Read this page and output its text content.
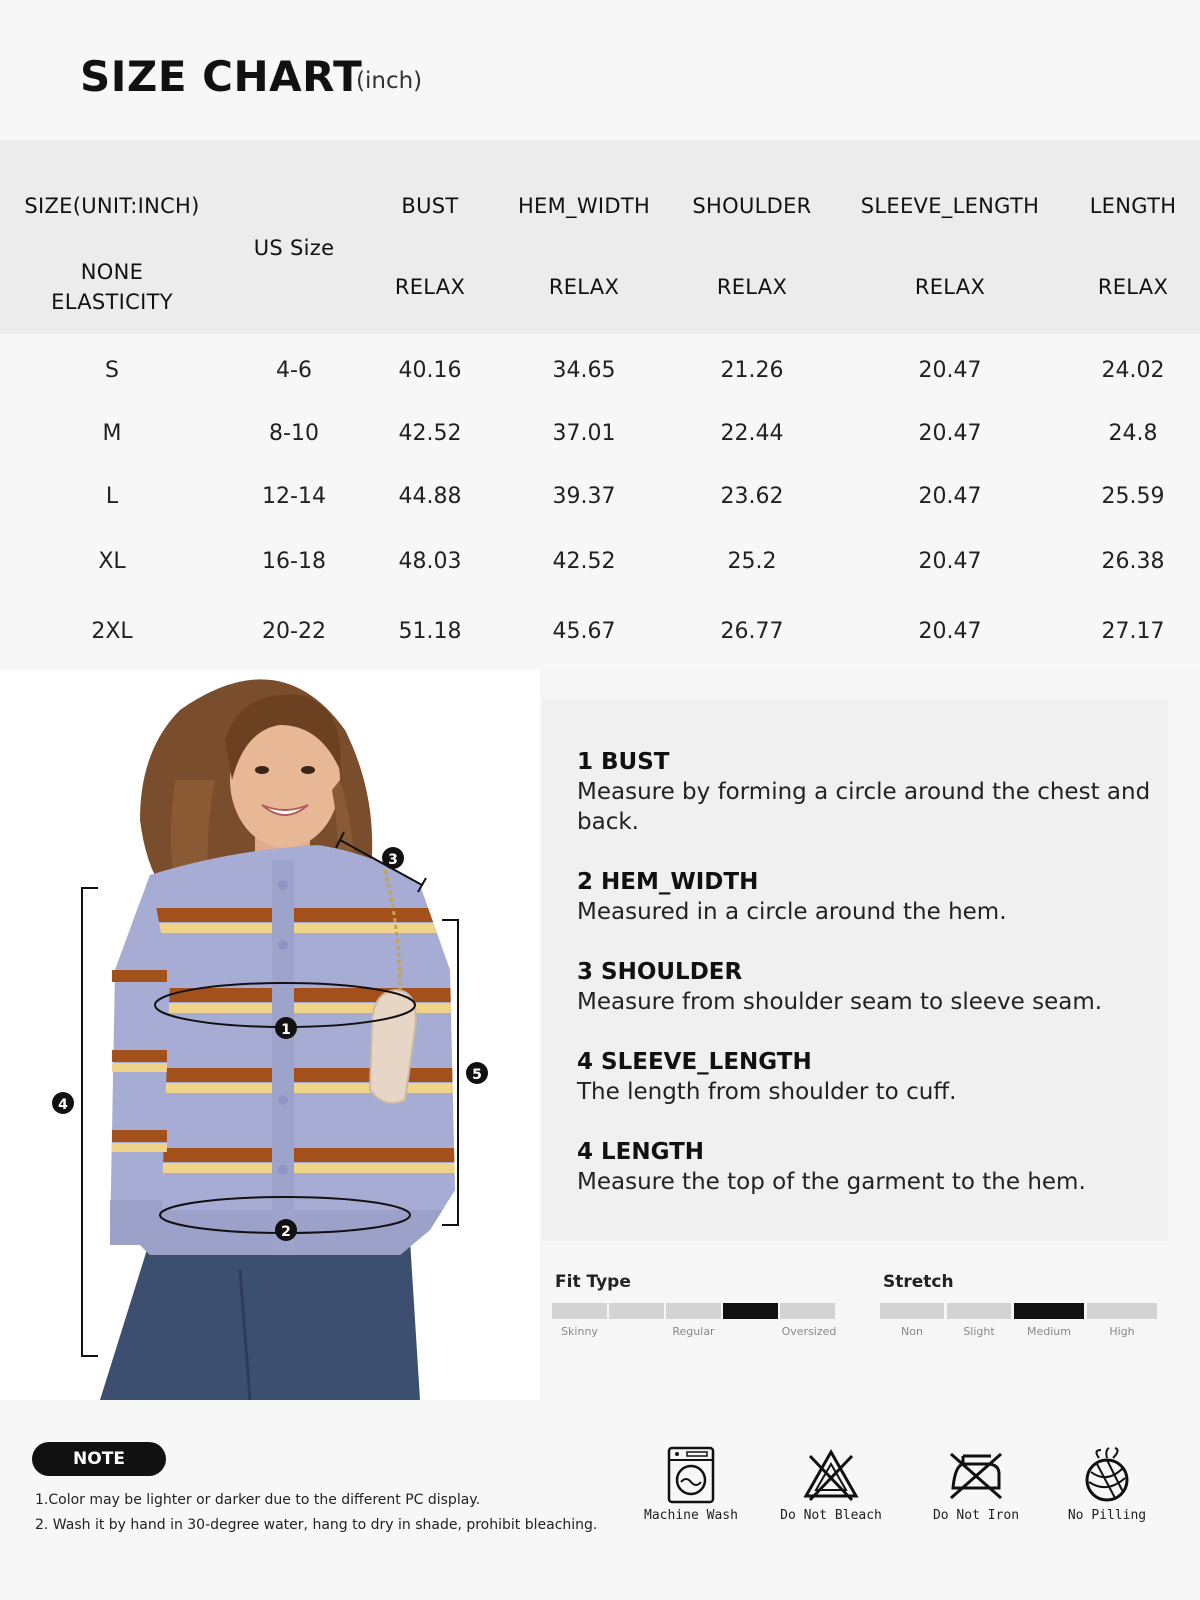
SIZE CHART
(inch)
SIZE(UNIT:INCH)
US Size
BUST	HEM_WIDTH	SHOULDER	SLEEVE_LENGTH	LENGTH
NONE
ELASTICITY
RELAX	RELAX	RELAX	RELAX	RELAX
S	4-6	40.16	34.65	21.26	20.47	24.02
M	8-10	42.52	37.01	22.44	20.47	24.8
L	12-14	44.88	39.37	23.62	20.47	25.59
XL	16-18	48.03	42.52	25.2	20.47	26.38
2XL	20-22	51.18	45.67	26.77	20.47	27.17
1
2
3
4
5
1 BUST
Measure by forming a circle around the chest and back.
2 HEM_WIDTH
Measured in a circle around the hem.
3 SHOULDER
Measure from shoulder seam to sleeve seam.
4 SLEEVE_LENGTH
The length from shoulder to cuff.
4 LENGTH
Measure the top of the garment to the hem.
Fit Type
Skinny	Regular	Oversized
Stretch
Non	Slight	Medium	High
NOTE
1.Color may be lighter or darker due to the different PC display.
2. Wash it by hand in 30-degree water, hang to dry in shade, prohibit bleaching.
Machine Wash	Do Not Bleach	Do Not Iron	No Pilling
